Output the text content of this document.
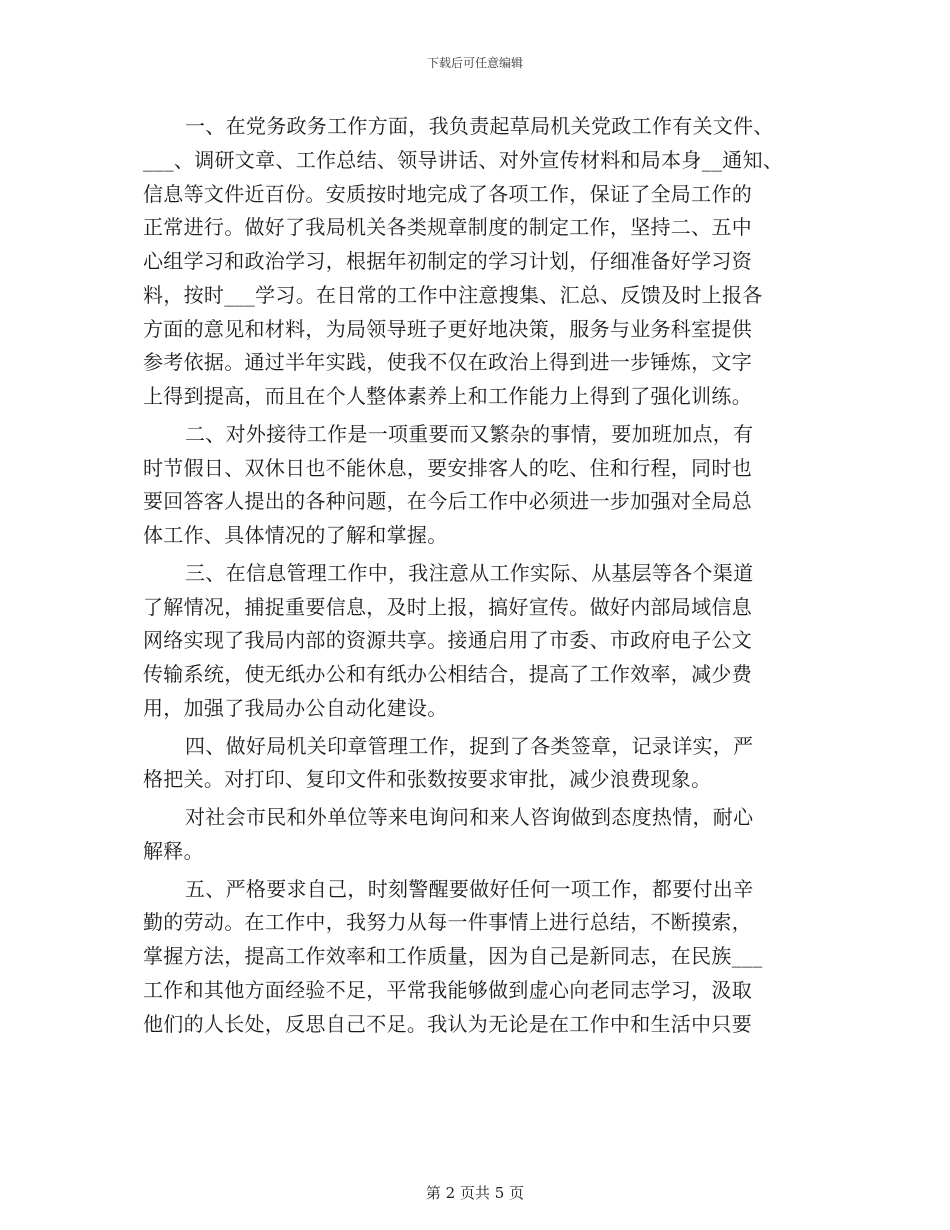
下载后可任意编辑
一、在党务政务工作方面，我负责起草局机关党政工作有关文件、
___、调研文章、工作总结、领导讲话、对外宣传材料和局本身__通知、
信息等文件近百份。安质按时地完成了各项工作，保证了全局工作的
正常进行。做好了我局机关各类规章制度的制定工作，坚持二、五中
心组学习和政治学习，根据年初制定的学习计划，仔细准备好学习资
料，按时___学习。在日常的工作中注意搜集、汇总、反馈及时上报各
方面的意见和材料，为局领导班子更好地决策，服务与业务科室提供
参考依据。通过半年实践，使我不仅在政治上得到进一步锤炼，文字
上得到提高，而且在个人整体素养上和工作能力上得到了强化训练。
二、对外接待工作是一项重要而又繁杂的事情，要加班加点，有
时节假日、双休日也不能休息，要安排客人的吃、住和行程，同时也
要回答客人提出的各种问题，在今后工作中必须进一步加强对全局总
体工作、具体情况的了解和掌握。
三、在信息管理工作中，我注意从工作实际、从基层等各个渠道
了解情况，捕捉重要信息，及时上报，搞好宣传。做好内部局域信息
网络实现了我局内部的资源共享。接通启用了市委、市政府电子公文
传输系统，使无纸办公和有纸办公相结合，提高了工作效率，减少费
用，加强了我局办公自动化建设。
四、做好局机关印章管理工作，捉到了各类签章，记录详实，严
格把关。对打印、复印文件和张数按要求审批，减少浪费现象。
对社会市民和外单位等来电询问和来人咨询做到态度热情，耐心
解释。
五、严格要求自己，时刻警醒要做好任何一项工作，都要付出辛
勤的劳动。在工作中，我努力从每一件事情上进行总结，不断摸索，
掌握方法，提高工作效率和工作质量，因为自己是新同志，在民族___
工作和其他方面经验不足，平常我能够做到虚心向老同志学习，汲取
他们的人长处，反思自己不足。我认为无论是在工作中和生活中只要
第 2 页共 5 页
